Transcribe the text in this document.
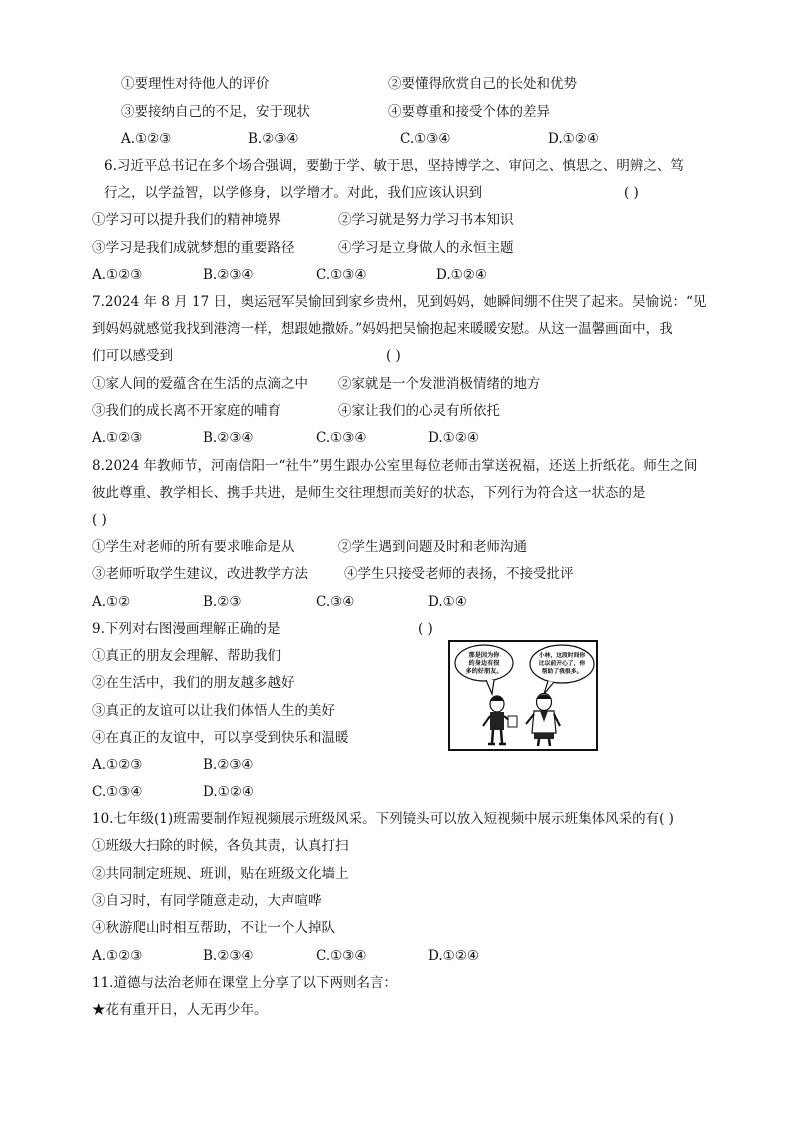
①要理性对待他人的评价	②要懂得欣赏自己的长处和优势
③要接纳自己的不足，安于现状	④要尊重和接受个体的差异
A.①②③	B.②③④	C.①③④	D.①②④
6.习近平总书记在多个场合强调，要勤于学、敏于思，坚持博学之、审问之、慎思之、明辨之、笃
行之，以学益智，以学修身，以学增才。对此，我们应该认识到	( )
①学习可以提升我们的精神境界	②学习就是努力学习书本知识
③学习是我们成就梦想的重要路径	④学习是立身做人的永恒主题
A.①②③	B.②③④	C.①③④	D.①②④
7.2024 年 8 月 17 日，奥运冠军吴愉回到家乡贵州，见到妈妈，她瞬间绷不住哭了起来。吴愉说：“见
到妈妈就感觉我找到港湾一样，想跟她撒娇。”妈妈把吴愉抱起来暖暖安慰。从这一温馨画面中，我
们可以感受到	( )
①家人间的爱蕴含在生活的点滴之中 ②家就是一个发泄消极情绪的地方
③我们的成长离不开家庭的哺育	④家让我们的心灵有所依托
A.①②③	B.②③④	C.①③④	D.①②④
8.2024 年教师节，河南信阳一“社牛”男生跟办公室里每位老师击掌送祝福，还送上折纸花。师生之间
彼此尊重、教学相长、携手共进，是师生交往理想而美好的状态，下列行为符合这一状态的是
( )
①学生对老师的所有要求唯命是从	②学生遇到问题及时和老师沟通
③老师听取学生建议，改进教学方法	④学生只接受老师的表扬，不接受批评
A.①②	B.②③	C.③④	D.①④
9.下列对右图漫画理解正确的是	( )
①真正的朋友会理解、帮助我们
②在生活中，我们的朋友越多越好
③真正的友谊可以让我们体悟人生的美好
④在真正的友谊中，可以享受到快乐和温暖
A.①②③	B.②③④
C.①③④	D.①②④
那是因为你
的身边有很
多的好朋友。
小林，这段时间你
比以前开心了，你
帮助了我很多。
10.七年级(1)班需要制作短视频展示班级风采。下列镜头可以放入短视频中展示班集体风采的有( )
①班级大扫除的时候，各负其责，认真打扫
②共同制定班规、班训，贴在班级文化墙上
③自习时，有同学随意走动，大声喧哗
④秋游爬山时相互帮助，不让一个人掉队
A.①②③	B.②③④	C.①③④	D.①②④
11.道德与法治老师在课堂上分享了以下两则名言：
★花有重开日，人无再少年。
